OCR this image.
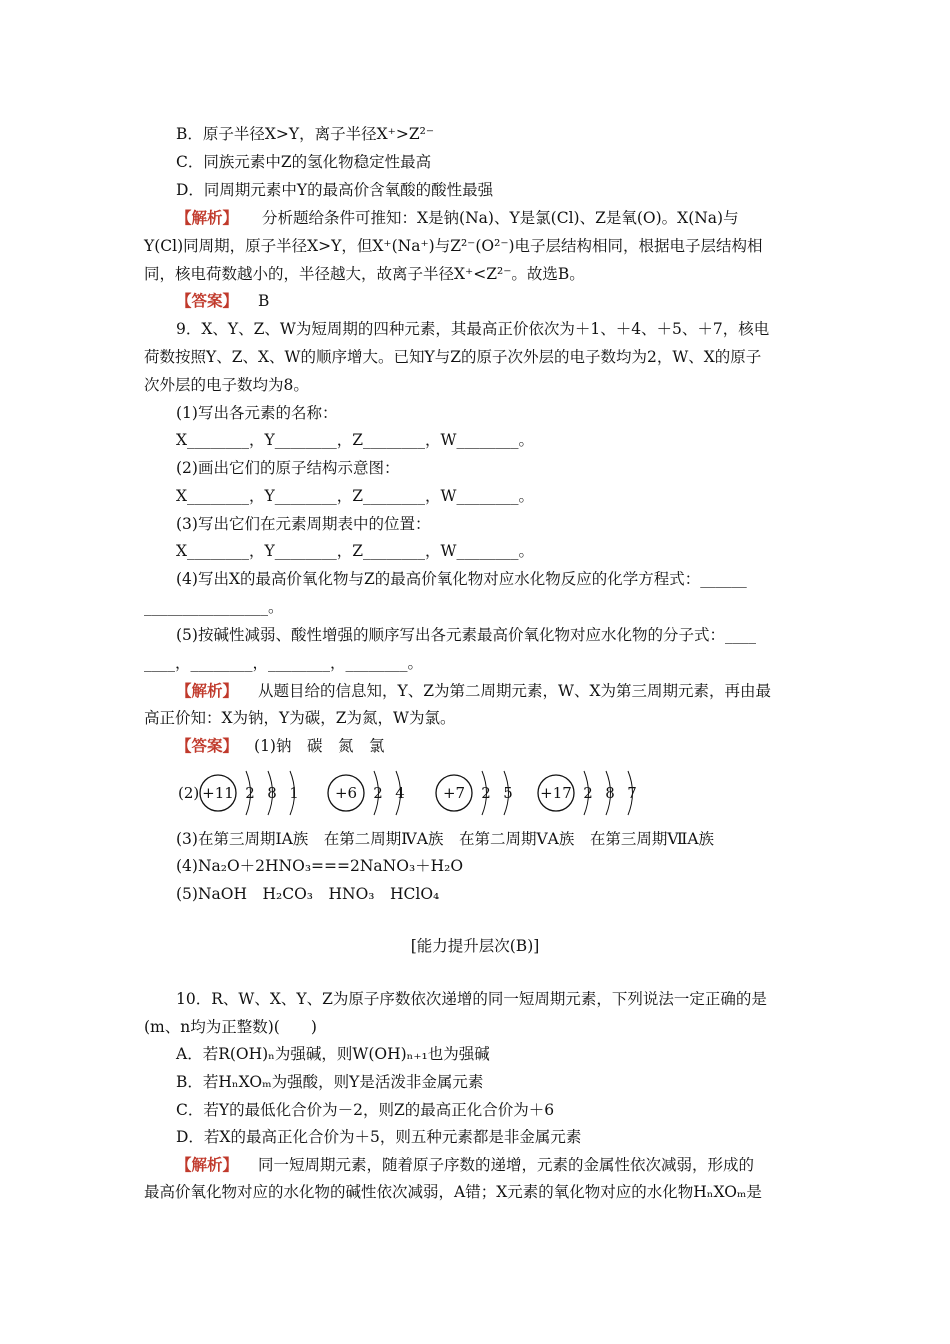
B．原子半径X>Y，离子半径X⁺>Z²⁻
C．同族元素中Z的氢化物稳定性最高
D．同周期元素中Y的最高价含氧酸的酸性最强
【解析】 分析题给条件可推知：X是钠(Na)、Y是氯(Cl)、Z是氧(O)。X(Na)与
Y(Cl)同周期，原子半径X>Y，但X⁺(Na⁺)与Z²⁻(O²⁻)电子层结构相同，根据电子层结构相
同，核电荷数越小的，半径越大，故离子半径X⁺<Z²⁻。故选B。
【答案】 B
9．X、Y、Z、W为短周期的四种元素，其最高正价依次为＋1、＋4、＋5、＋7，核电
荷数按照Y、Z、X、W的顺序增大。已知Y与Z的原子次外层的电子数均为2，W、X的原子
次外层的电子数均为8。
(1)写出各元素的名称：
X________，Y________，Z________，W________。
(2)画出它们的原子结构示意图：
X________，Y________，Z________，W________。
(3)写出它们在元素周期表中的位置：
X________，Y________，Z________，W________。
(4)写出X的最高价氧化物与Z的最高价氧化物对应水化物反应的化学方程式：______
________________。
(5)按碱性减弱、酸性增强的顺序写出各元素最高价氧化物对应水化物的分子式：____
____，________，________，________。
【解析】 从题目给的信息知，Y、Z为第二周期元素，W、X为第三周期元素，再由最
高正价知：X为钠，Y为碳，Z为氮，W为氯。
【答案】 (1)钠　碳　氮　氯
(2) +11 2 8 1 +6 2 4	+7 2 5 +17 2 8 7
(3)在第三周期ⅠA族　在第二周期ⅣA族　在第二周期ⅤA族　在第三周期ⅦA族
(4)Na₂O＋2HNO₃===2NaNO₃＋H₂O
(5)NaOH　H₂CO₃　HNO₃　HClO₄
[能力提升层次(B)]
10．R、W、X、Y、Z为原子序数依次递增的同一短周期元素，下列说法一定正确的是
(m、n均为正整数)(　　)
A．若R(OH)ₙ为强碱，则W(OH)ₙ₊₁也为强碱
B．若HₙXOₘ为强酸，则Y是活泼非金属元素
C．若Y的最低化合价为－2，则Z的最高正化合价为＋6
D．若X的最高正化合价为＋5，则五种元素都是非金属元素
【解析】 同一短周期元素，随着原子序数的递增，元素的金属性依次减弱，形成的
最高价氧化物对应的水化物的碱性依次减弱，A错；X元素的氧化物对应的水化物HₙXOₘ是
